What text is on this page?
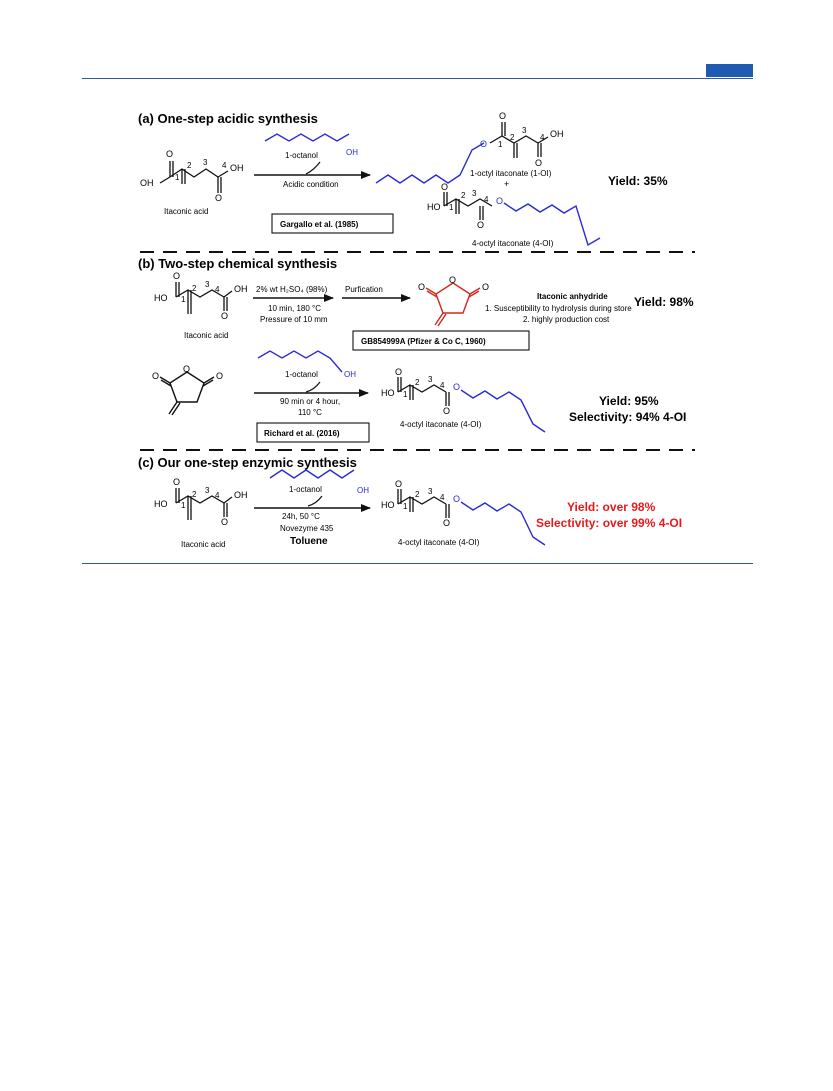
(a) One-step acidic synthesis
O
OH
OH
O
1
2 3 4
Itaconic acid
OH
1-octanol
Acidic condition
Gargallo et al. (1985)
O
O
OH
O
1
2
3
4
1-octyl itaconate (1-OI)
+
HO
O
O
1
2 3
4 O
4-octyl itaconate (4-OI)
Yield: 35%
(b) Two-step chemical synthesis
O
HO
OH
O
1
2 3
4
Itaconic acid
2% wt H₂SO₄ (98%)
10 min, 180 °C
Pressure of 10 mm
Purfication
O
O	O
Itaconic anhydride
1. Susceptibility to hydrolysis during store
2. highly production cost
Yield: 98%
GB854999A (Pfizer & Co C, 1960)
O
O	O	OH
1-octanol
90 min or 4 hour,
110 °C
Richard et al. (2016)
HO
O
O
1
2 3
4 O
4-octyl itaconate (4-OI)
Yield: 95%
Selectivity: 94% 4-OI
(c) Our one-step enzymic synthesis
O
HO
OH
O
1
2 3
4
Itaconic acid
OH
1-octanol
24h, 50 °C
Novezyme 435
Toluene
HO
O
O
1
2 3
4 O
4-octyl itaconate (4-OI)
Yield: over 98%
Selectivity: over 99% 4-OI
